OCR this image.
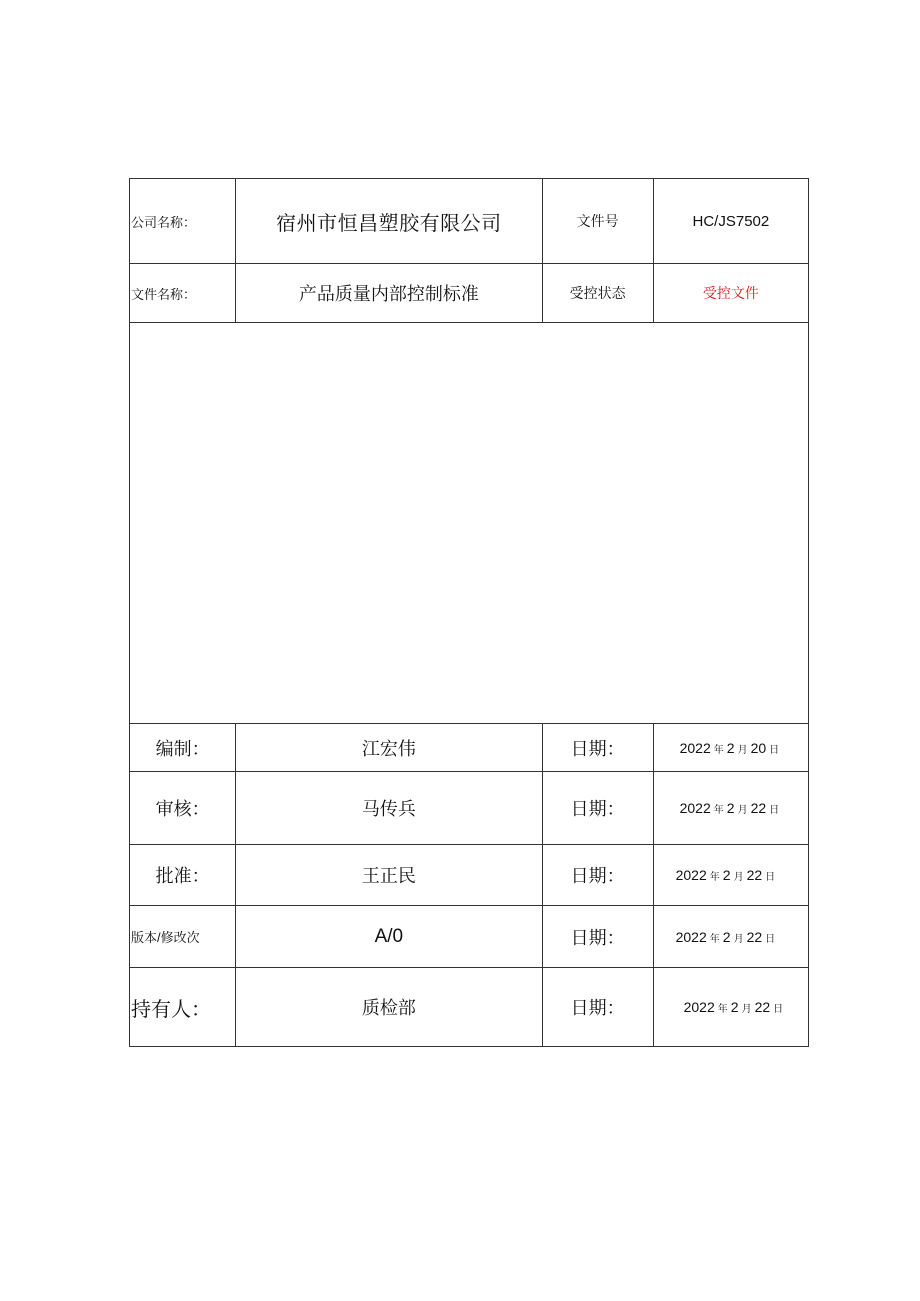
公司名称：	宿州市恒昌塑胶有限公司	文件号	HC/JS7502
文件名称：	产品质量内部控制标准	受控状态	受控文件

编制：	江宏伟	日期：	2022 年 2 月 20 日
审核：	马传兵	日期：	2022 年 2 月 22 日
批准：	王正民	日期：	2022 年 2 月 22 日
版本/修改次	A/0	日期：	2022 年 2 月 22 日
持有人：	质检部	日期：	2022 年 2 月 22 日
